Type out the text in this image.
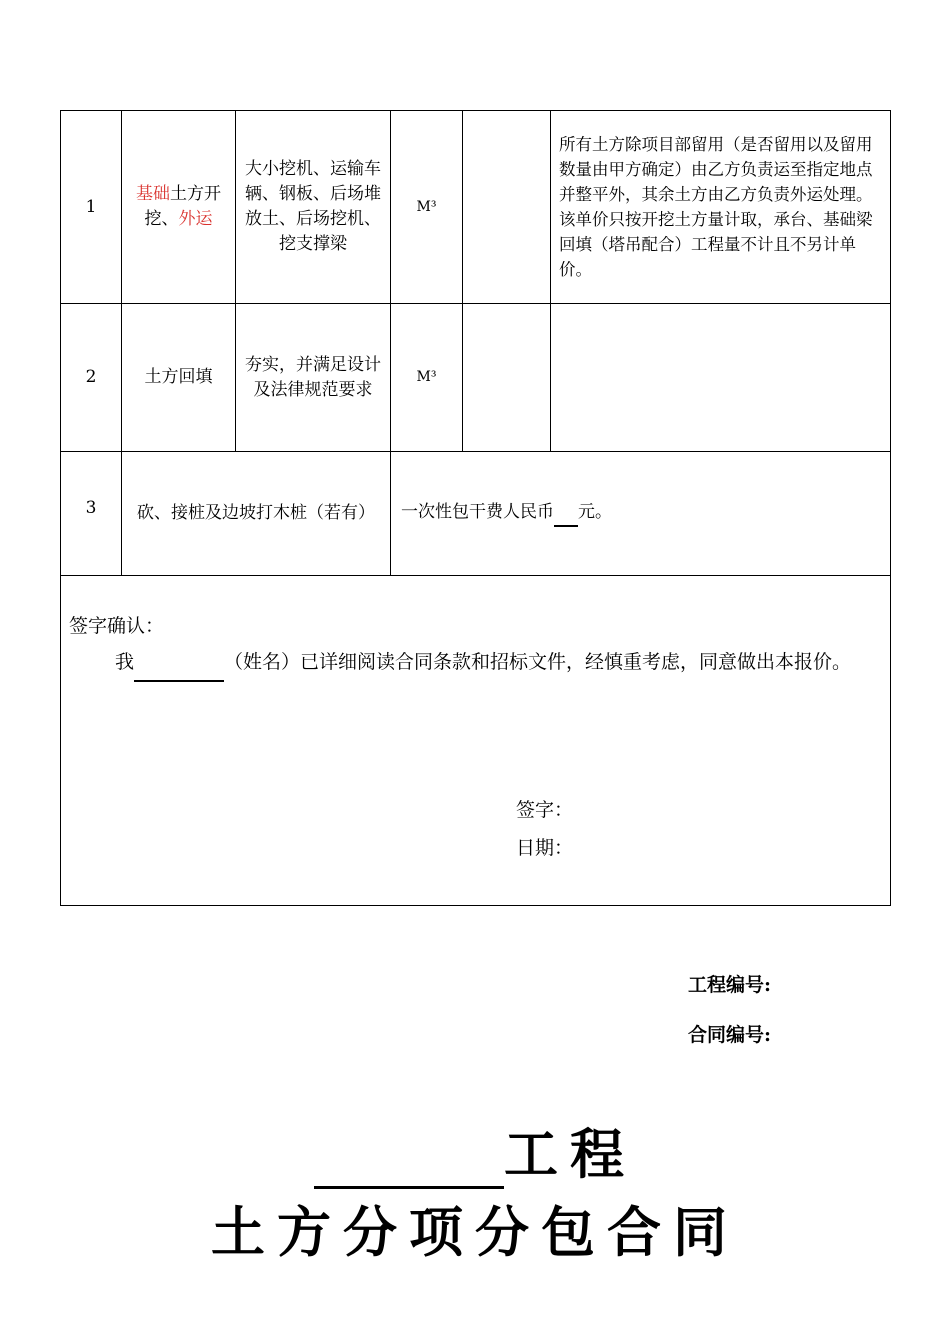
1	基础土方开挖、外运	大小挖机、运输车辆、钢板、后场堆放土、后场挖机、挖支撑梁	M³		所有土方除项目部留用（是否留用以及留用数量由甲方确定）由乙方负责运至指定地点并整平外，其余土方由乙方负责外运处理。该单价只按开挖土方量计取，承台、基础梁回填（塔吊配合）工程量不计且不另计单价。
2	土方回填	夯实，并满足设计及法律规范要求	M³		
3	砍、接桩及边坡打木桩（若有）		一次性包干费人民币 元。		

签字确认：
我 （姓名）已详细阅读合同条款和招标文件，经慎重考虑，同意做出本报价。
签字：
日期：					
工程编号:
合同编号:
工程
土方分项分包合同
